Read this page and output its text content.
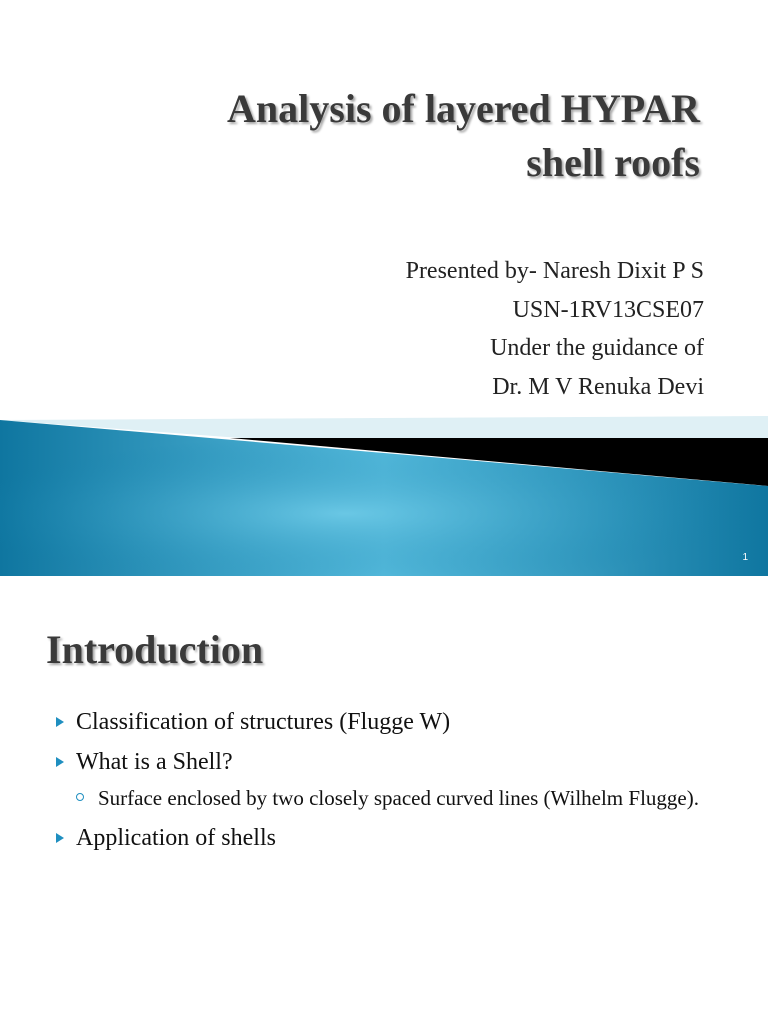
Analysis of layered HYPAR
shell roofs
Presented by- Naresh Dixit P S
USN-1RV13CSE07
Under the guidance of
Dr. M V Renuka Devi
1
Introduction
Classification of structures (Flugge W)
What is a Shell?
Surface enclosed by two closely spaced curved lines (Wilhelm Flugge).
Application of shells
